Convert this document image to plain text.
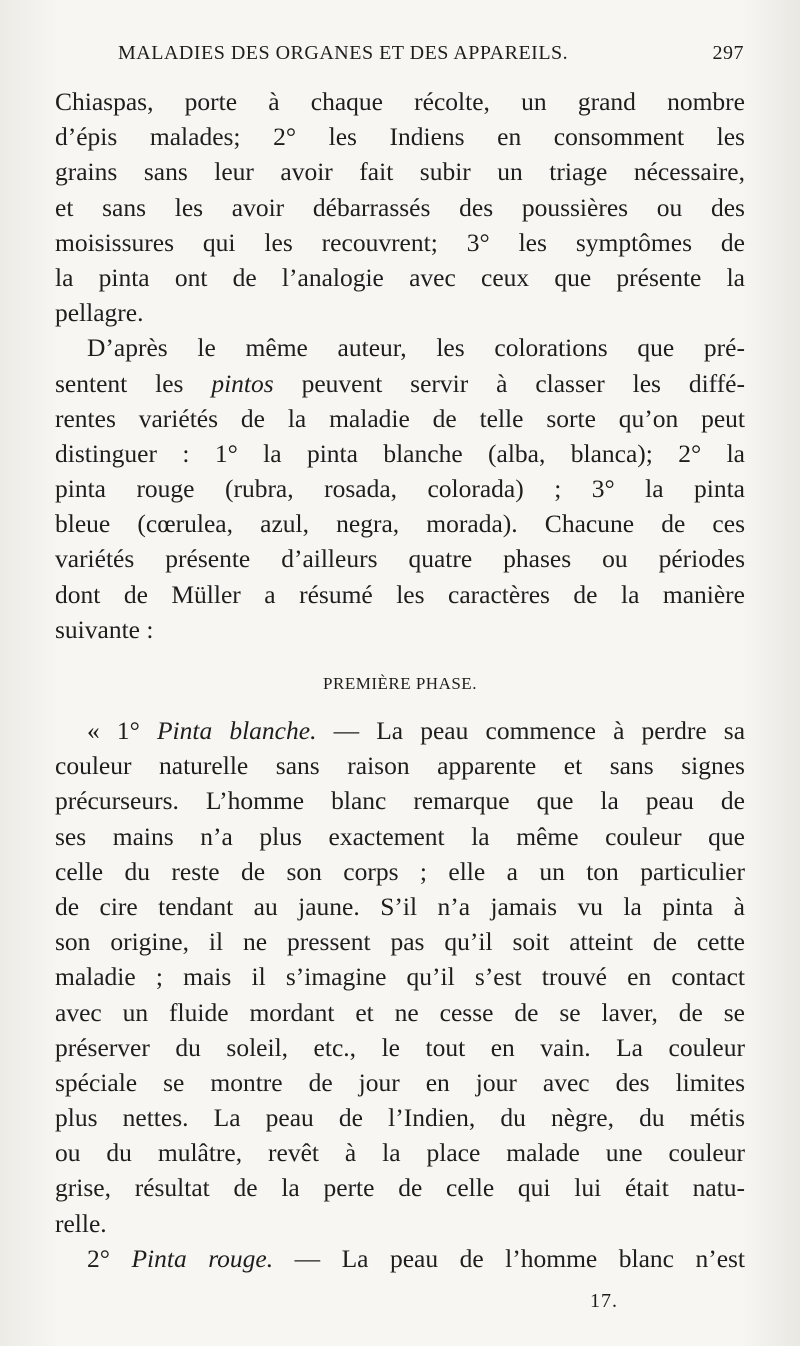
MALADIES DES ORGANES ET DES APPAREILS.	297
Chiaspas, porte à chaque récolte, un grand nombre
d’épis malades; 2° les Indiens en consomment les
grains sans leur avoir fait subir un triage nécessaire,
et sans les avoir débarrassés des poussières ou des
moisissures qui les recouvrent; 3° les symptômes de
la pinta ont de l’analogie avec ceux que présente la
pellagre.
D’après le même auteur, les colorations que pré-
sentent les pintos peuvent servir à classer les diffé-
rentes variétés de la maladie de telle sorte qu’on peut
distinguer : 1° la pinta blanche (alba, blanca); 2° la
pinta rouge (rubra, rosada, colorada) ; 3° la pinta
bleue (cœrulea, azul, negra, morada). Chacune de ces
variétés présente d’ailleurs quatre phases ou périodes
dont de Müller a résumé les caractères de la manière
suivante :
PREMIÈRE PHASE.
« 1° Pinta blanche. — La peau commence à perdre sa
couleur naturelle sans raison apparente et sans signes
précurseurs. L’homme blanc remarque que la peau de
ses mains n’a plus exactement la même couleur que
celle du reste de son corps ; elle a un ton particulier
de cire tendant au jaune. S’il n’a jamais vu la pinta à
son origine, il ne pressent pas qu’il soit atteint de cette
maladie ; mais il s’imagine qu’il s’est trouvé en contact
avec un fluide mordant et ne cesse de se laver, de se
préserver du soleil, etc., le tout en vain. La couleur
spéciale se montre de jour en jour avec des limites
plus nettes. La peau de l’Indien, du nègre, du métis
ou du mulâtre, revêt à la place malade une couleur
grise, résultat de la perte de celle qui lui était natu-
relle.
2° Pinta rouge. — La peau de l’homme blanc n’est
17.
